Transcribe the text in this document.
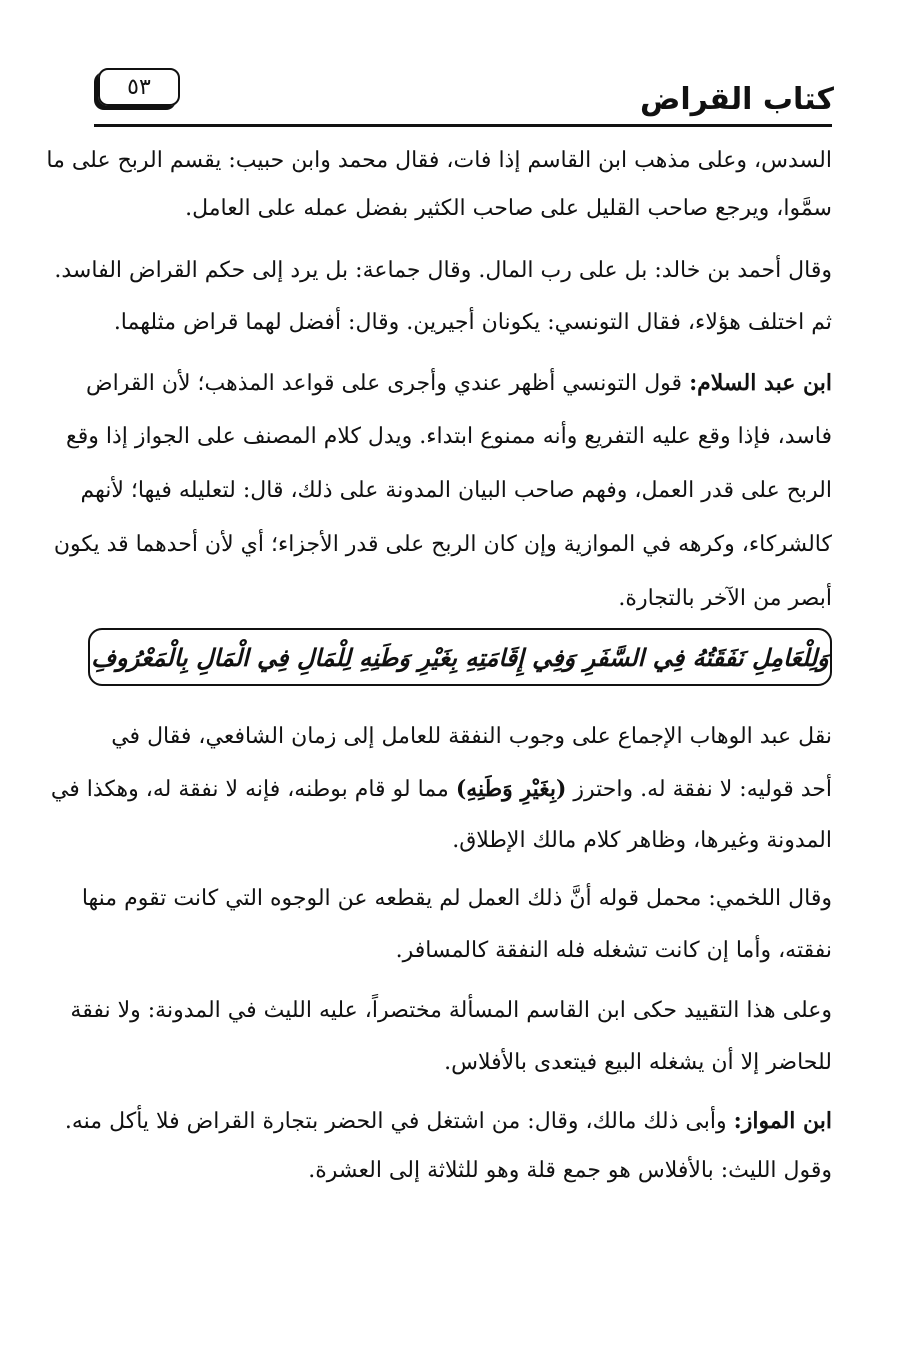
كتاب القراض
٥٣
السدس، وعلى مذهب ابن القاسم إذا فات، فقال محمد وابن حبيب: يقسم الربح على ما
سمَّوا، ويرجع صاحب القليل على صاحب الكثير بفضل عمله على العامل.
وقال أحمد بن خالد: بل على رب المال. وقال جماعة: بل يرد إلى حكم القراض الفاسد.
ثم اختلف هؤلاء، فقال التونسي: يكونان أجيرين. وقال: أفضل لهما قراض مثلهما.
ابن عبد السلام: قول التونسي أظهر عندي وأجرى على قواعد المذهب؛ لأن القراض
فاسد، فإذا وقع عليه التفريع وأنه ممنوع ابتداء. ويدل كلام المصنف على الجواز إذا وقع
الربح على قدر العمل، وفهم صاحب البيان المدونة على ذلك، قال: لتعليله فيها؛ لأنهم
كالشركاء، وكرهه في الموازية وإن كان الربح على قدر الأجزاء؛ أي لأن أحدهما قد يكون
أبصر من الآخر بالتجارة.
وَلِلْعَامِلِ نَفَقَتُهُ فِي السَّفَرِ وَفِي إِقَامَتِهِ بِغَيْرِ وَطَنِهِ لِلْمَالِ فِي الْمَالِ بِالْمَعْرُوفِ
نقل عبد الوهاب الإجماع على وجوب النفقة للعامل إلى زمان الشافعي، فقال في
أحد قوليه: لا نفقة له. واحترز (بِغَيْرِ وَطَنِهِ) مما لو قام بوطنه، فإنه لا نفقة له، وهكذا في
المدونة وغيرها، وظاهر كلام مالك الإطلاق.
وقال اللخمي: محمل قوله أنَّ ذلك العمل لم يقطعه عن الوجوه التي كانت تقوم منها
نفقته، وأما إن كانت تشغله فله النفقة كالمسافر.
وعلى هذا التقييد حكى ابن القاسم المسألة مختصراً، عليه الليث في المدونة: ولا نفقة
للحاضر إلا أن يشغله البيع فيتعدى بالأفلاس.
ابن المواز: وأبى ذلك مالك، وقال: من اشتغل في الحضر بتجارة القراض فلا يأكل منه.
وقول الليث: بالأفلاس هو جمع قلة وهو للثلاثة إلى العشرة.
